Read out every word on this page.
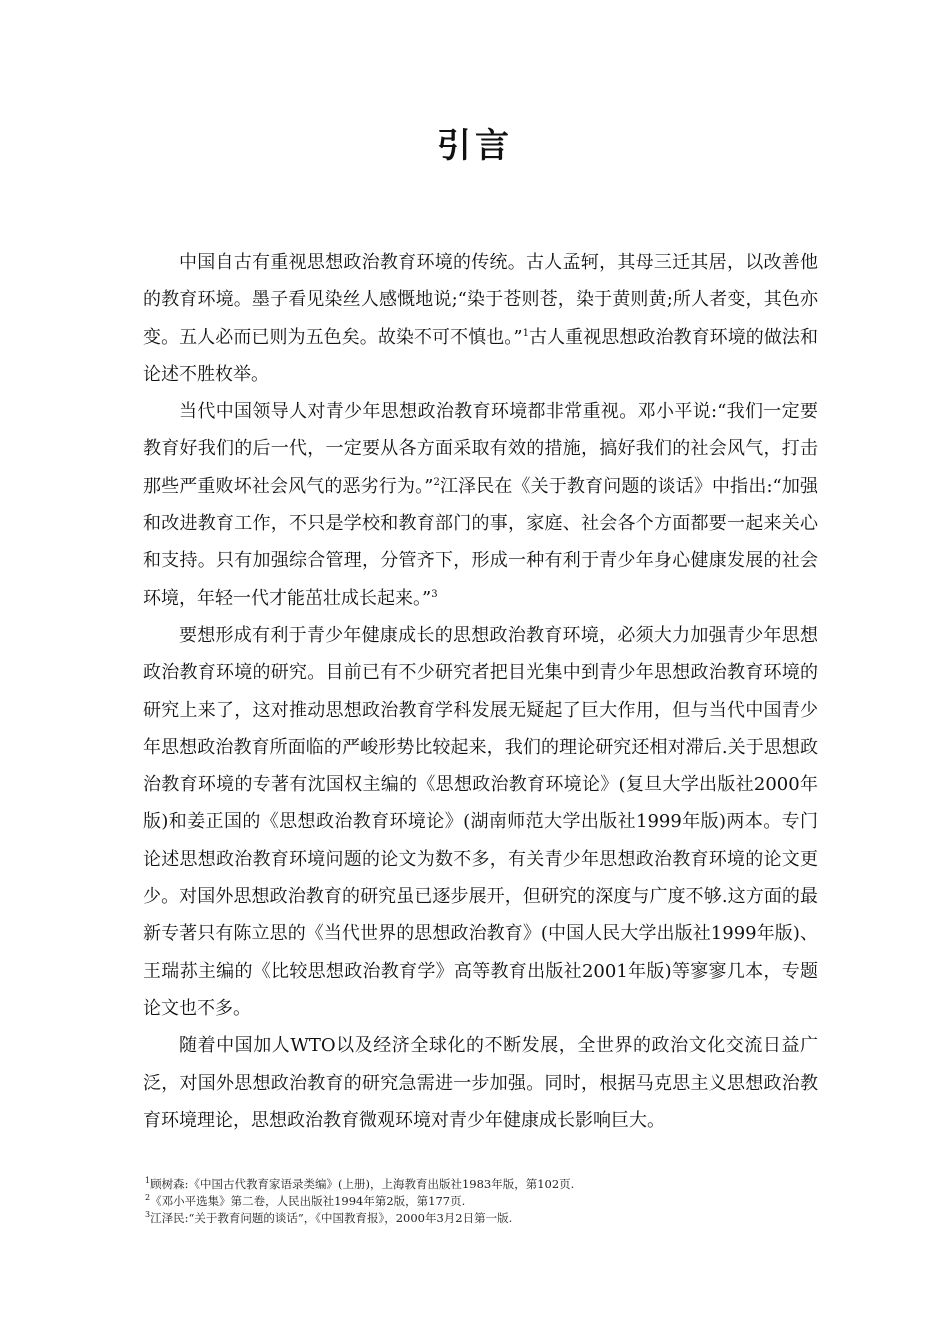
引言

中国自古有重视思想政治教育环境的传统。古人孟轲，其母三迁其居，以改善他的教育环境。墨子看见染丝人感慨地说;“染于苍则苍，染于黄则黄;所人者变，其色亦变。五人必而已则为五色矣。故染不可不慎也。”$^1$古人重视思想政治教育环境的做法和论述不胜枚举。

当代中国领导人对青少年思想政治教育环境都非常重视。邓小平说:“我们一定要教育好我们的后一代，一定要从各方面采取有效的措施，搞好我们的社会风气，打击那些严重败坏社会风气的恶劣行为。”$^2$江泽民在《关于教育问题的谈话》中指出:“加强和改进教育工作，不只是学校和教育部门的事，家庭、社会各个方面都要一起来关心和支持。只有加强综合管理，分管齐下，形成一种有利于青少年身心健康发展的社会环境，年轻一代才能茁壮成长起来。”$^3$

要想形成有利于青少年健康成长的思想政治教育环境，必须大力加强青少年思想政治教育环境的研究。目前已有不少研究者把目光集中到青少年思想政治教育环境的研究上来了，这对推动思想政治教育学科发展无疑起了巨大作用，但与当代中国青少年思想政治教育所面临的严峻形势比较起来，我们的理论研究还相对滞后.关于思想政治教育环境的专著有沈国权主编的《思想政治教育环境论》(复旦大学出版社2000年版)和姜正国的《思想政治教育环境论》(湖南师范大学出版社1999年版)两本。专门论述思想政治教育环境问题的论文为数不多，有关青少年思想政治教育环境的论文更少。对国外思想政治教育的研究虽已逐步展开，但研究的深度与广度不够.这方面的最新专著只有陈立思的《当代世界的思想政治教育》(中国人民大学出版社1999年版)、王瑞荪主编的《比较思想政治教育学》高等教育出版社2001年版)等寥寥几本，专题论文也不多。

随着中国加人WTO以及经济全球化的不断发展，全世界的政治文化交流日益广泛，对国外思想政治教育的研究急需进一步加强。同时，根据马克思主义思想政治教育环境理论，思想政治教育微观环境对青少年健康成长影响巨大。

$^1$顾树森:《中国古代教育家语录类编》(上册)，上海教育出版社1983年版，第102页.

$^2$《邓小平选集》第二卷，人民出版社1994年第2版，第177页.

$^3$江泽民:“关于教育问题的谈话”，《中国教育报》，2000年3月2日第一版.
